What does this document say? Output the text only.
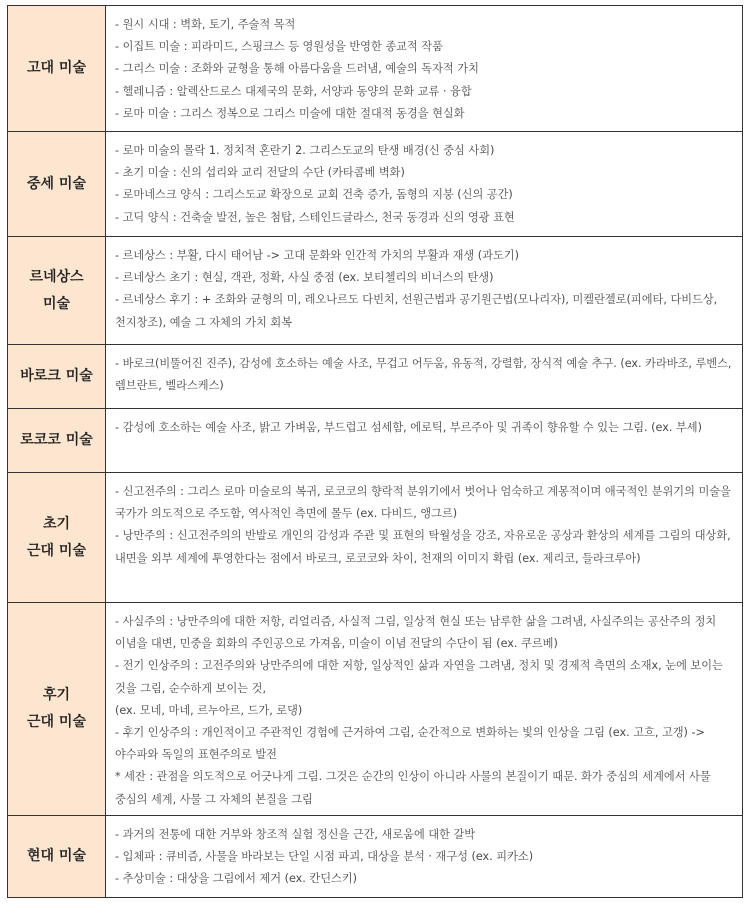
고대 미술	- 원시 시대 : 벽화, 토기, 주술적 목적
- 이집트 미술 : 피라미드, 스핑크스 등 영원성을 반영한 종교적 작품
- 그리스 미술 : 조화와 균형을 통해 아름다움을 드러냄, 예술의 독자적 가치
- 헬레니즘 : 알렉산드로스 대제국의 문화, 서양과 동양의 문화 교류 · 융합
- 로마 미술 : 그리스 정복으로 그리스 미술에 대한 절대적 동경을 현실화

중세 미술	- 로마 미술의 몰락 1. 정치적 혼란기 2. 그리스도교의 탄생 배경(신 중심 사회)
- 초기 미술 : 신의 섭리와 교리 전달의 수단 (카타콤베 벽화)
- 로마네스크 양식 : 그리스도교 확장으로 교회 건축 증가, 돔형의 지붕 (신의 공간)
- 고딕 양식 : 건축술 발전, 높은 첨탑, 스테인드글라스, 천국 동경과 신의 영광 표현

르네상스
미술	- 르네상스 : 부활, 다시 태어남 -> 고대 문화와 인간적 가치의 부활과 재생 (과도기)
- 르네상스 초기 : 현실, 객관, 정확, 사실 중점 (ex. 보티첼리의 비너스의 탄생)
- 르네상스 후기 : + 조화와 균형의 미, 레오나르도 다빈치, 선원근법과 공기원근법(모나리자), 미켈란젤로(피에타, 다비드상, 천지창조), 예술 그 자체의 가치 회복

바로크 미술	- 바로크(비뚤어진 진주), 감성에 호소하는 예술 사조, 무겁고 어두움, 유동적, 강렬함, 장식적 예술 추구. (ex. 카라바조, 루벤스, 렘브란트, 벨라스케스)

로코코 미술	- 감성에 호소하는 예술 사조, 밝고 가벼움, 부드럽고 섬세함, 에로틱, 부르주아 및 귀족이 향유할 수 있는 그림. (ex. 부셰)

초기
근대 미술	- 신고전주의 : 그리스 로마 미술로의 복귀, 로코코의 향락적 분위기에서 벗어나 엄숙하고 계몽적이며 애국적인 분위기의 미술을 국가가 의도적으로 주도함, 역사적인 측면에 몰두 (ex. 다비드, 앵그르)
- 낭만주의 : 신고전주의의 반발로 개인의 감성과 주관 및 표현의 탁월성을 강조, 자유로운 공상과 환상의 세계를 그림의 대상화, 내면을 외부 세계에 투영한다는 점에서 바로크, 로코코와 차이, 천재의 이미지 확립 (ex. 제리코, 들라크루아)

후기
근대 미술	- 사실주의 : 낭만주의에 대한 저항, 리얼리즘, 사실적 그림, 일상적 현실 또는 남루한 삶을 그려냄, 사실주의는 공산주의 정치 이념을 대변, 민중을 회화의 주인공으로 가져옴, 미술이 이념 전달의 수단이 됨 (ex. 쿠르베)
- 전기 인상주의 : 고전주의와 낭만주의에 대한 저항, 일상적인 삶과 자연을 그려냄, 정치 및 경제적 측면의 소재x, 눈에 보이는 것을 그림, 순수하게 보이는 것,
(ex. 모네, 마네, 르누아르, 드가, 로댕)
- 후기 인상주의 : 개인적이고 주관적인 경험에 근거하여 그림, 순간적으로 변화하는 빛의 인상을 그림 (ex. 고흐, 고갱) -> 야수파와 독일의 표현주의로 발전
* 세잔 : 관점을 의도적으로 어긋나게 그림. 그것은 순간의 인상이 아니라 사물의 본질이기 때문. 화가 중심의 세계에서 사물 중심의 세계, 사물 그 자체의 본질을 그림

현대 미술	- 과거의 전통에 대한 거부와 창조적 실험 정신을 근간, 새로움에 대한 갈박
- 입체파 : 큐비즘, 사물을 바라보는 단일 시점 파괴, 대상을 분석 · 재구성 (ex. 피카소)
- 추상미술 : 대상을 그림에서 제거 (ex. 칸딘스키)
